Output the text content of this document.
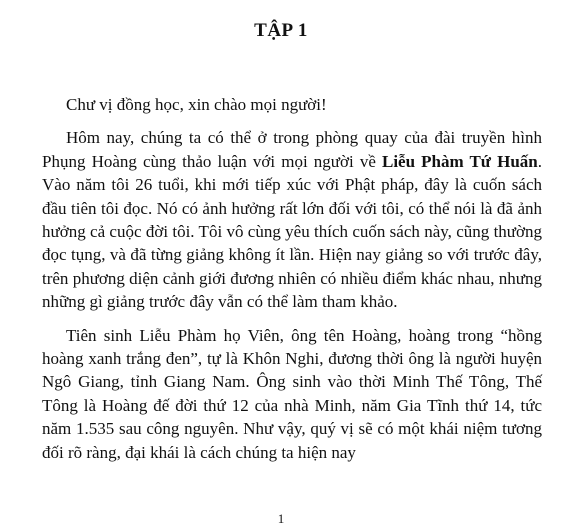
TẬP 1

Chư vị đồng học, xin chào mọi người!

Hôm nay, chúng ta có thể ở trong phòng quay của đài truyền hình Phụng Hoàng cùng thảo luận với mọi người về Liễu Phàm Tứ Huấn. Vào năm tôi 26 tuổi, khi mới tiếp xúc với Phật pháp, đây là cuốn sách đầu tiên tôi đọc. Nó có ảnh hưởng rất lớn đối với tôi, có thể nói là đã ảnh hưởng cả cuộc đời tôi. Tôi vô cùng yêu thích cuốn sách này, cũng thường đọc tụng, và đã từng giảng không ít lần. Hiện nay giảng so với trước đây, trên phương diện cảnh giới đương nhiên có nhiều điểm khác nhau, nhưng những gì giảng trước đây vẫn có thể làm tham khảo.

Tiên sinh Liễu Phàm họ Viên, ông tên Hoàng, hoàng trong “hồng hoàng xanh trắng đen”, tự là Khôn Nghi, đương thời ông là người huyện Ngô Giang, tỉnh Giang Nam. Ông sinh vào thời Minh Thế Tông, Thế Tông là Hoàng đế đời thứ 12 của nhà Minh, năm Gia Tĩnh thứ 14, tức năm 1.535 sau công nguyên. Như vậy, quý vị sẽ có một khái niệm tương đối rõ ràng, đại khái là cách chúng ta hiện nay

1
